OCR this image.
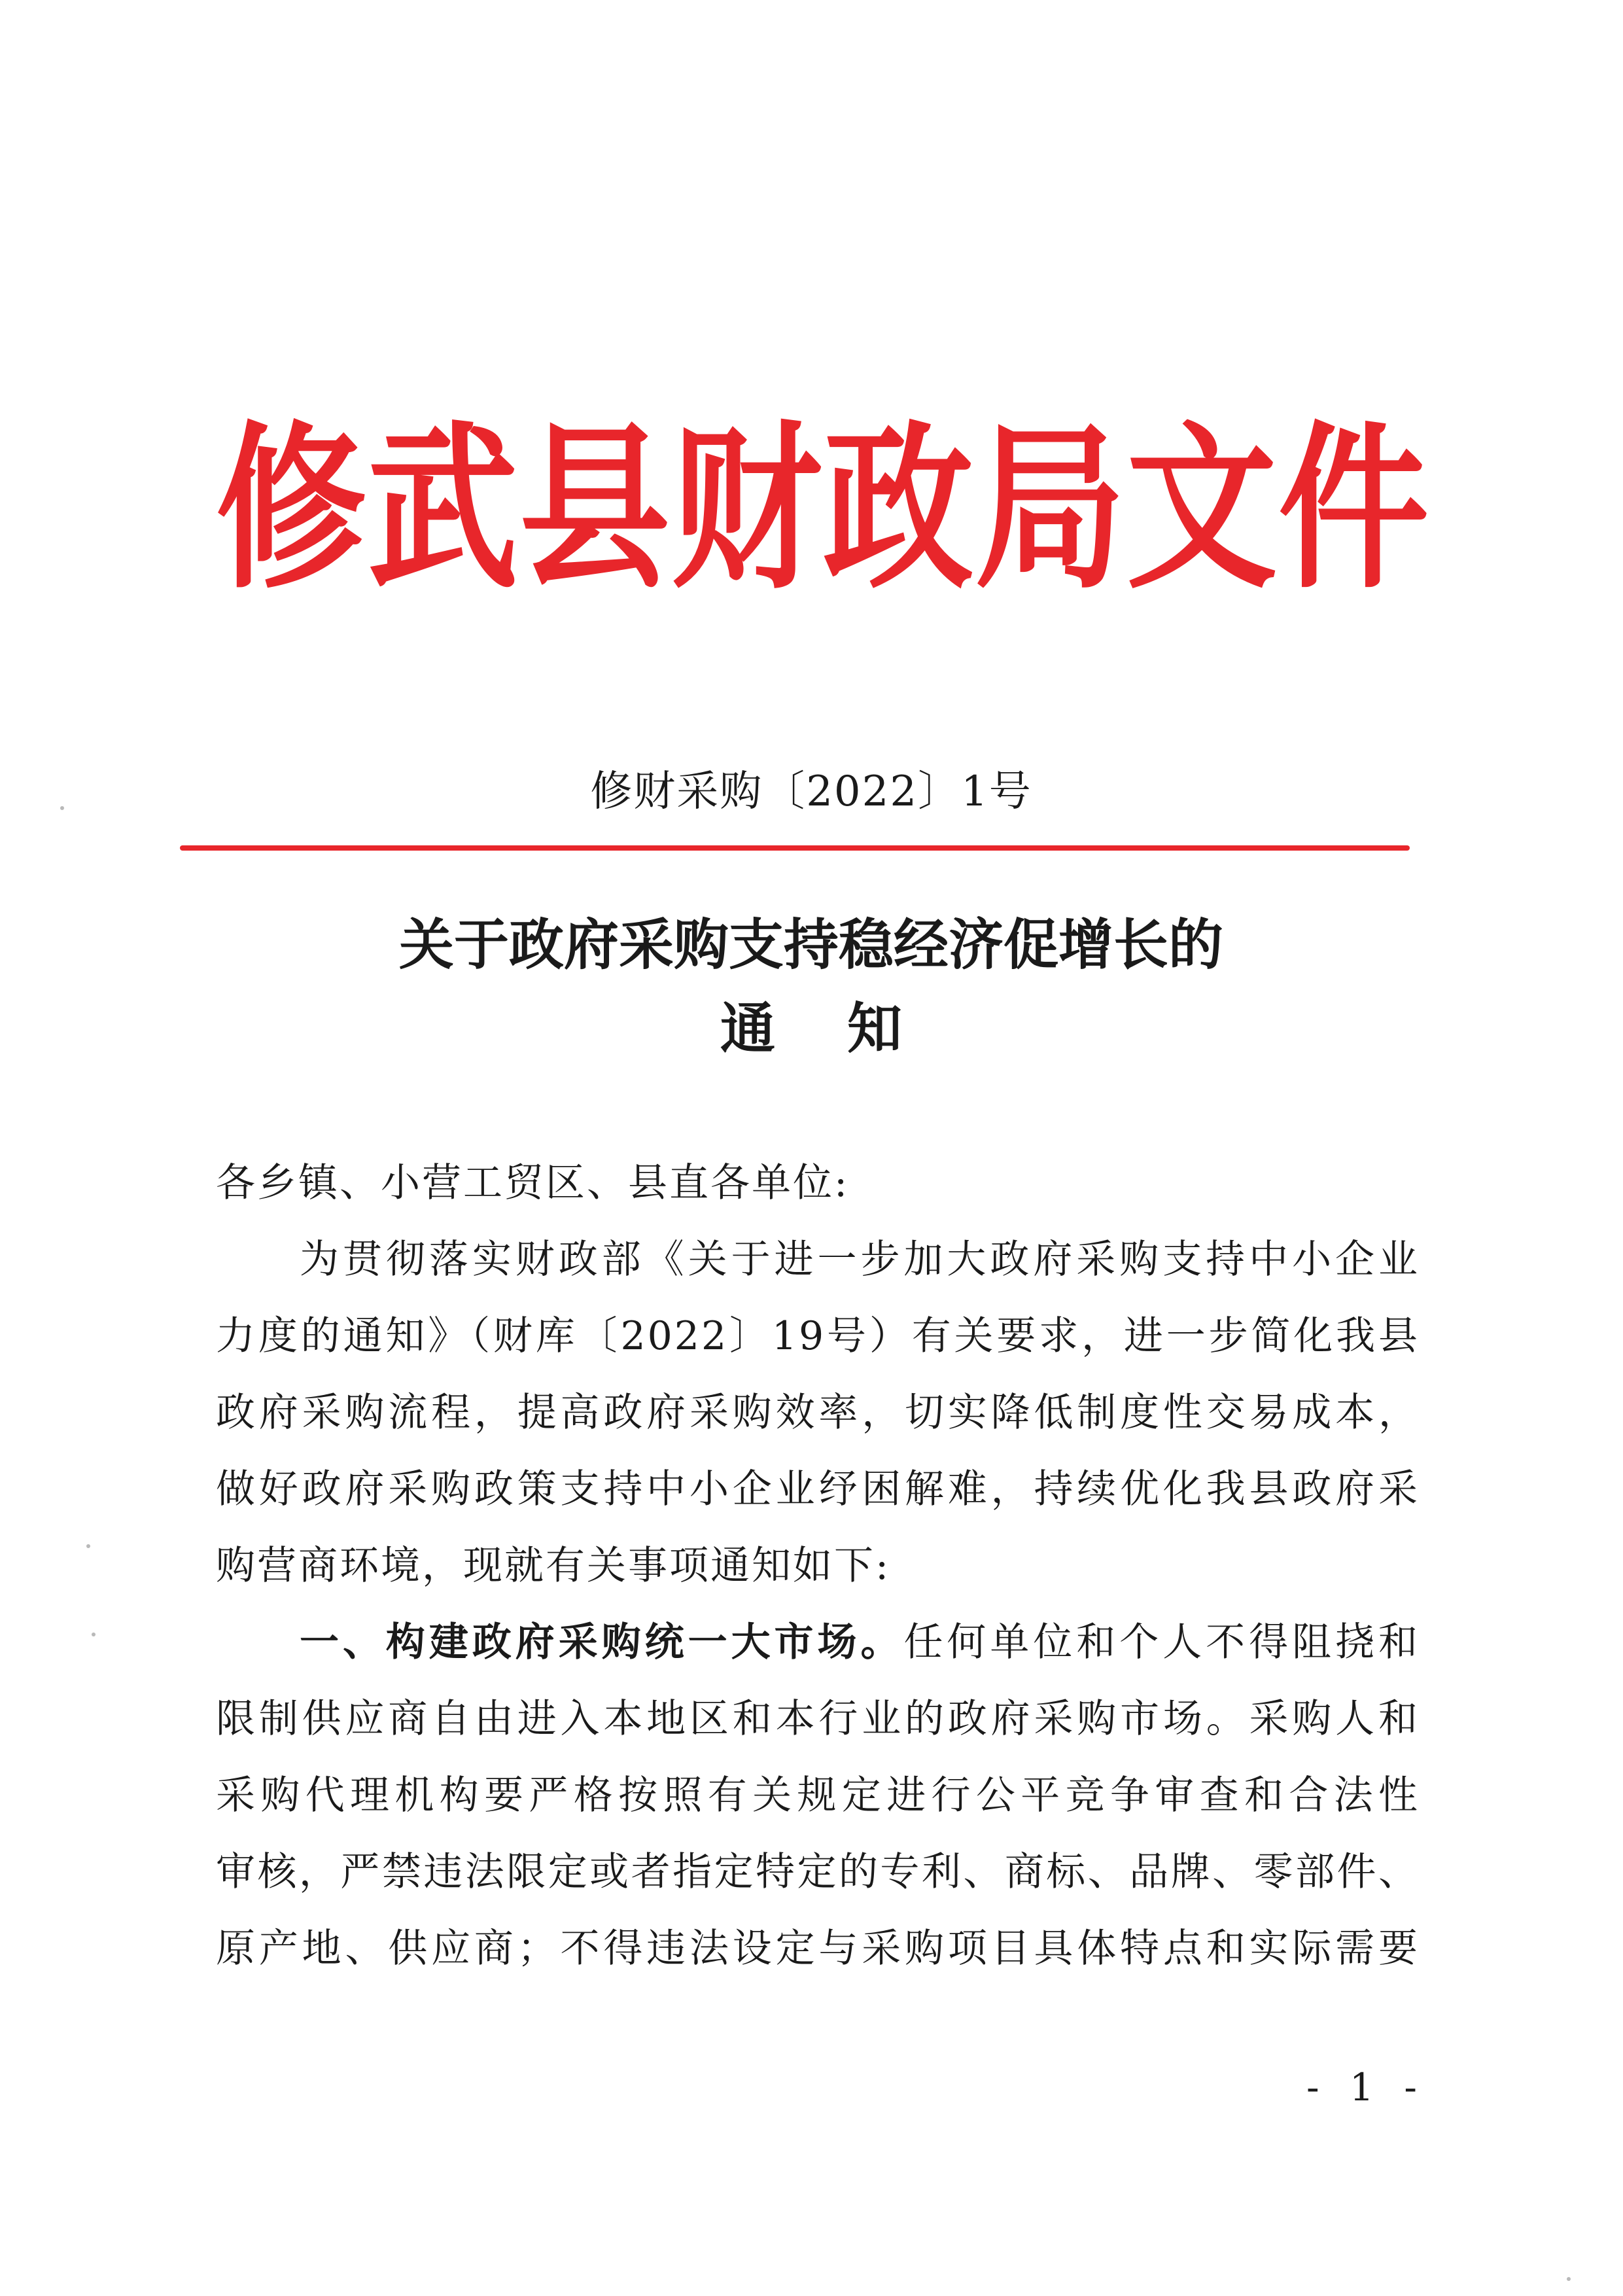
修武县财政局文件
修财采购〔2022〕1号
关于政府采购支持稳经济促增长的
通知

各乡镇、小营工贸区、县直各单位:

为贯彻落实财政部《关于进一步加大政府采购支持中小企业

力度的通知》（财库〔2022〕19号）有关要求，进一步简化我县

政府采购流程，提高政府采购效率，切实降低制度性交易成本，

做好政府采购政策支持中小企业纾困解难，持续优化我县政府采

购营商环境，现就有关事项通知如下:

一、构建政府采购统一大市场。任何单位和个人不得阻挠和

限制供应商自由进入本地区和本行业的政府采购市场。采购人和

采购代理机构要严格按照有关规定进行公平竞争审查和合法性

审核，严禁违法限定或者指定特定的专利、商标、品牌、零部件、

原产地、供应商；不得违法设定与采购项目具体特点和实际需要

- 1 -
